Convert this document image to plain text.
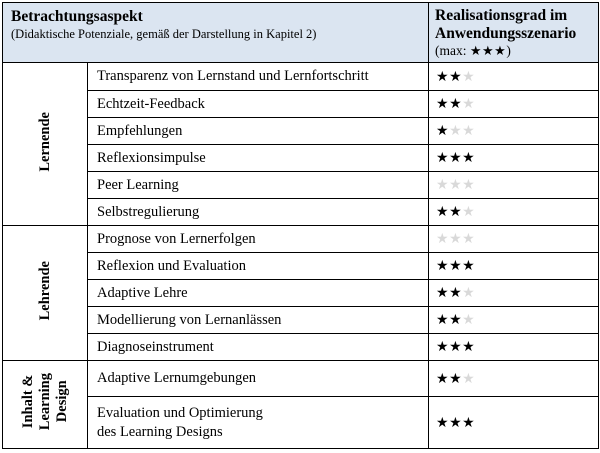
Betrachtungsaspekt
(Didaktische Potenziale, gemäß der Darstellung in Kapitel 2)		Realisationsgrad im
Anwendungsszenario
(max: ★★★)

Lernende	Transparenz von Lernstand und Lernfortschritt	★★★
	Echtzeit-Feedback	★★★
	Empfehlungen	★★★
	Reflexionsimpulse	★★★
	Peer Learning	★★★
	Selbstregulierung	★★★
Lehrende	Prognose von Lernerfolgen	★★★
	Reflexion und Evaluation	★★★
	Adaptive Lehre	★★★
	Modellierung von Lernanlässen	★★★
	Diagnoseinstrument	★★★
Inhalt &
Learning
Design	Adaptive Lernumgebungen	★★★
	Evaluation und Optimierung
des Learning Designs	★★★
